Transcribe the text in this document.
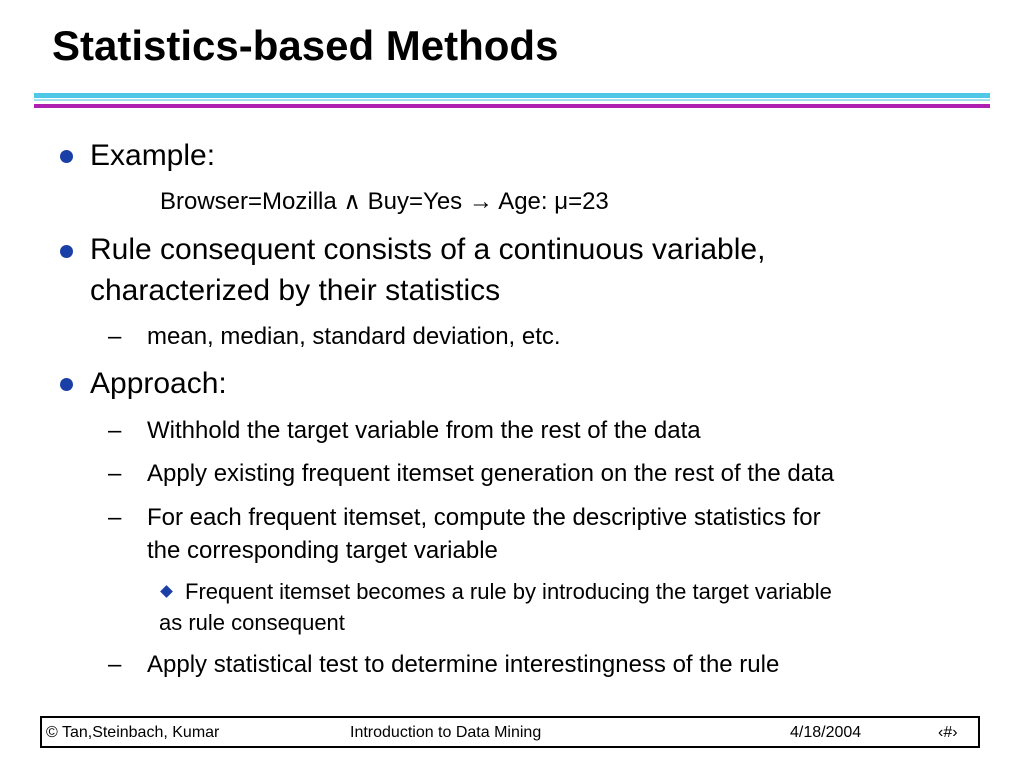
Statistics-based Methods
Example:
Browser=Mozilla ∧ Buy=Yes → Age: μ=23
Rule consequent consists of a continuous variable,
characterized by their statistics
– mean, median, standard deviation, etc.
Approach:
– Withhold the target variable from the rest of the data
– Apply existing frequent itemset generation on the rest of the data
– For each frequent itemset, compute the descriptive statistics for
the corresponding target variable
Frequent itemset becomes a rule by introducing the target variable
as rule consequent
– Apply statistical test to determine interestingness of the rule
© Tan,Steinbach, Kumar	Introduction to Data Mining	4/18/2004	‹#›
